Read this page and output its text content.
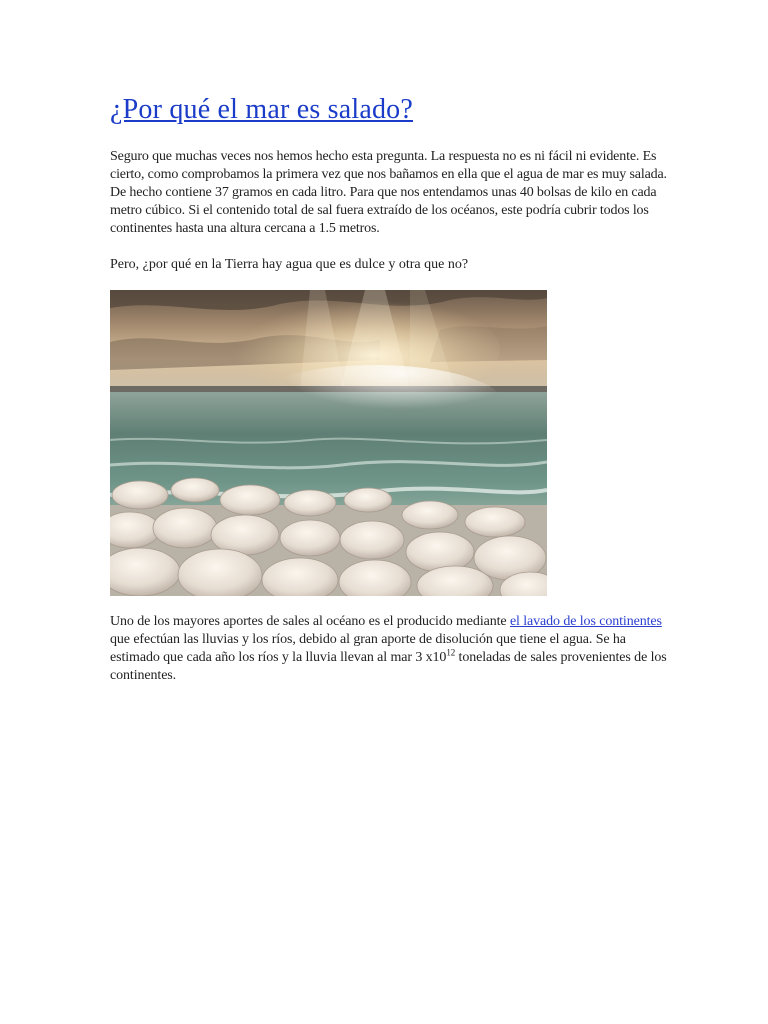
¿Por qué el mar es salado?

Seguro que muchas veces nos hemos hecho esta pregunta. La respuesta no es ni fácil ni evidente. Es cierto, como comprobamos la primera vez que nos bañamos en ella que el agua de mar es muy salada. De hecho contiene 37 gramos en cada litro. Para que nos entendamos unas 40 bolsas de kilo en cada metro cúbico. Si el contenido total de sal fuera extraído de los océanos, este podría cubrir todos los continentes hasta una altura cercana a 1.5 metros.

Pero, ¿por qué en la Tierra hay agua que es dulce y otra que no?

Uno de los mayores aportes de sales al océano es el producido mediante el lavado de los continentes que efectúan las lluvias y los ríos, debido al gran aporte de disolución que tiene el agua. Se ha estimado que cada año los ríos y la lluvia llevan al mar 3 $x10^{12}$ toneladas de sales provenientes de los continentes.
